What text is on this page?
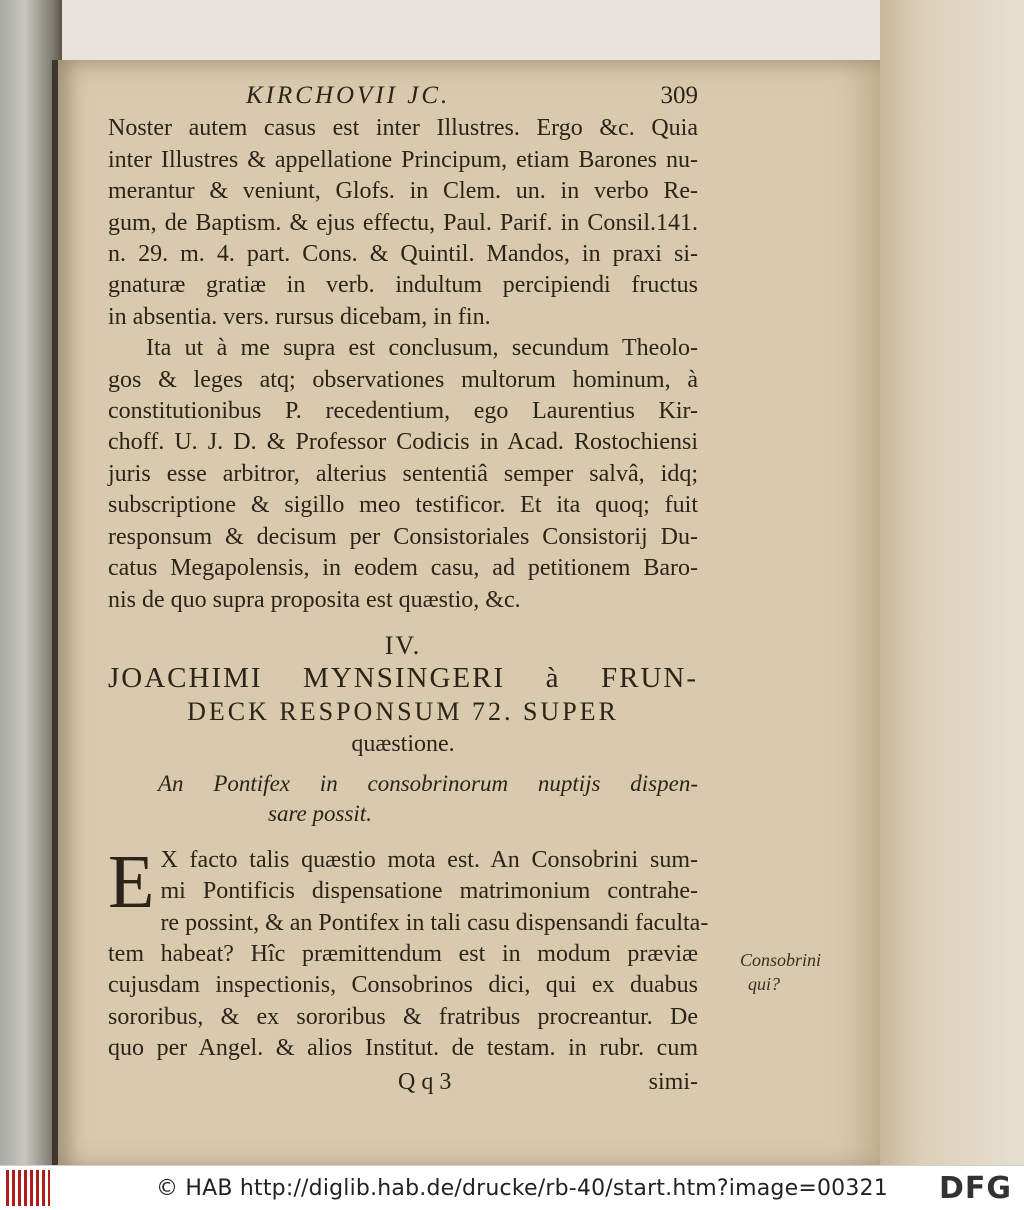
KIRCHOVII JC.	309
Noster autem casus est inter Illustres. Ergo &c. Quia
inter Illustres & appellatione Principum, etiam Barones nu-
merantur & veniunt, Glofs. in Clem. un. in verbo Re-
gum, de Baptism. & ejus effectu, Paul. Parif. in Consil.141.
n. 29. m. 4. part. Cons. & Quintil. Mandos, in praxi si-
gnaturæ gratiæ in verb. indultum percipiendi fructus
in absentia. vers. rursus dicebam, in fin.
Ita ut à me supra est conclusum, secundum Theolo-
gos & leges atq; observationes multorum hominum, à
constitutionibus P. recedentium, ego Laurentius Kir-
choff. U. J. D. & Professor Codicis in Acad. Rostochiensi
juris esse arbitror, alterius sententiâ semper salvâ, idq;
subscriptione & sigillo meo testificor. Et ita quoq; fuit
responsum & decisum per Consistoriales Consistorij Du-
catus Megapolensis, in eodem casu, ad petitionem Baro-
nis de quo supra proposita est quæstio, &c.
IV.
JOACHIMI MYNSINGERI à FRUN-
DECK RESPONSUM 72. SUPER
quæstione.
An Pontifex in consobrinorum nuptijs dispen-
sare possit.
E X facto talis quæstio mota est. An Consobrini sum-
mi Pontificis dispensatione matrimonium contrahe-
re possint, & an Pontifex in tali casu dispensandi faculta-
tem habeat? Hîc præmittendum est in modum præviæ
cujusdam inspectionis, Consobrinos dici, qui ex duabus
sororibus, & ex sororibus & fratribus procreantur. De
quo per Angel. & alios Institut. de testam. in rubr. cum
Q q 3	simi-
Consobrini
qui?
© HAB http://diglib.hab.de/drucke/rb-40/start.htm?image=00321 DFG
